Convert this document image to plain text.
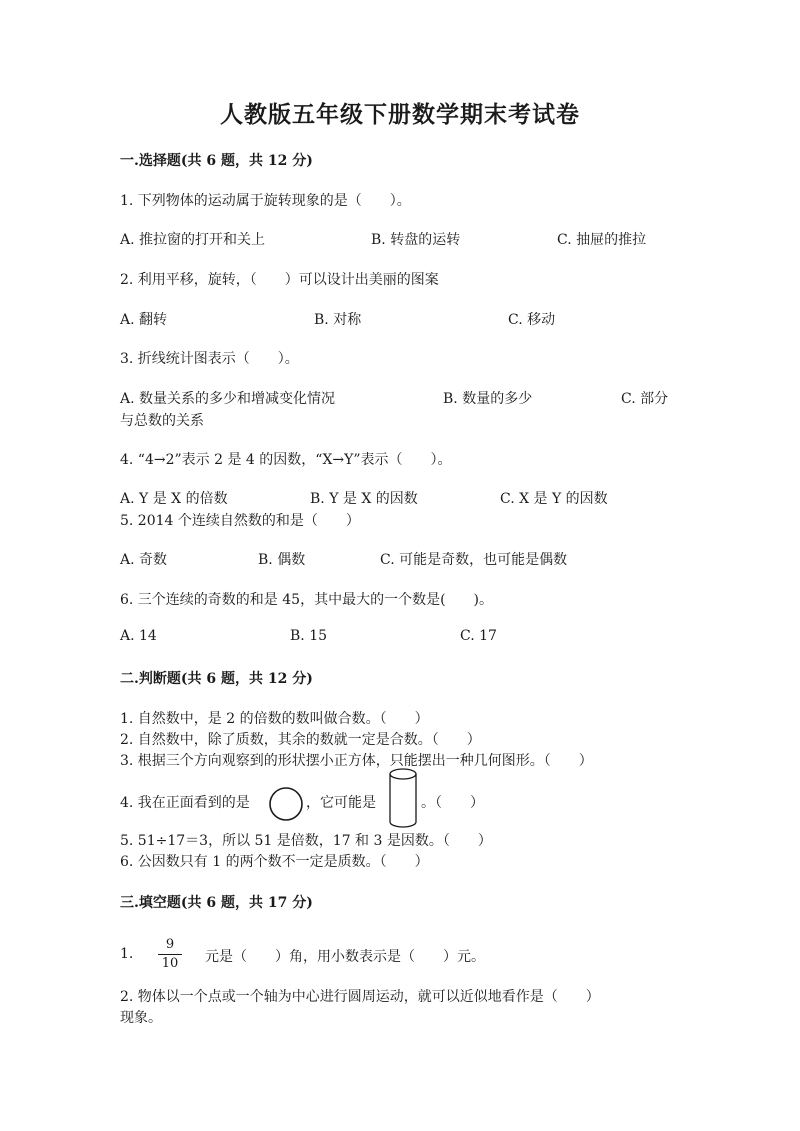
人教版五年级下册数学期末考试卷
一.选择题(共 6 题，共 12 分)
1. 下列物体的运动属于旋转现象的是（　　）。
A. 推拉窗的打开和关上	B. 转盘的运转	C. 抽屉的推拉
2. 利用平移，旋转，（　　）可以设计出美丽的图案
A. 翻转	B. 对称	C. 移动
3. 折线统计图表示（　　）。
A. 数量关系的多少和增减变化情况	B. 数量的多少	C. 部分
与总数的关系
4. “4→2”表示 2 是 4 的因数，“X→Y”表示（　　）。
A. Y 是 X 的倍数	B. Y 是 X 的因数	C. X 是 Y 的因数
5. 2014 个连续自然数的和是（　　）
A. 奇数	B. 偶数	C. 可能是奇数，也可能是偶数
6. 三个连续的奇数的和是 45，其中最大的一个数是(　　)。
A. 14	B. 15	C. 17
二.判断题(共 6 题，共 12 分)
1. 自然数中，是 2 的倍数的数叫做合数。（　　）
2. 自然数中，除了质数，其余的数就一定是合数。（　　）
3. 根据三个方向观察到的形状摆小正方体，只能摆出一种几何图形。（　　）
4. 我在正面看到的是	，它可能是	。（　　）
5. 51÷17＝3，所以 51 是倍数，17 和 3 是因数。（　　）
6. 公因数只有 1 的两个数不一定是质数。（　　）
三.填空题(共 6 题，共 17 分)
1.
9
10 元是（　　）角，用小数表示是（　　）元。
2. 物体以一个点或一个轴为中心进行圆周运动，就可以近似地看作是（　　）
现象。
